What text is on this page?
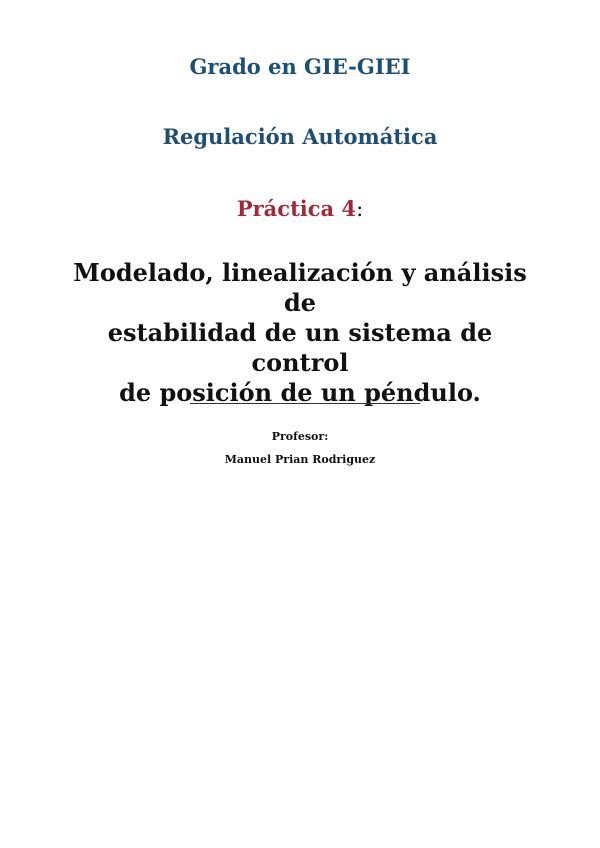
Grado en GIE-GIEI
Regulación Automática
Práctica 4:
Modelado, linealización y análisis de
estabilidad de un sistema de control
de posición de un péndulo.
Profesor:
Manuel Prian Rodriguez
